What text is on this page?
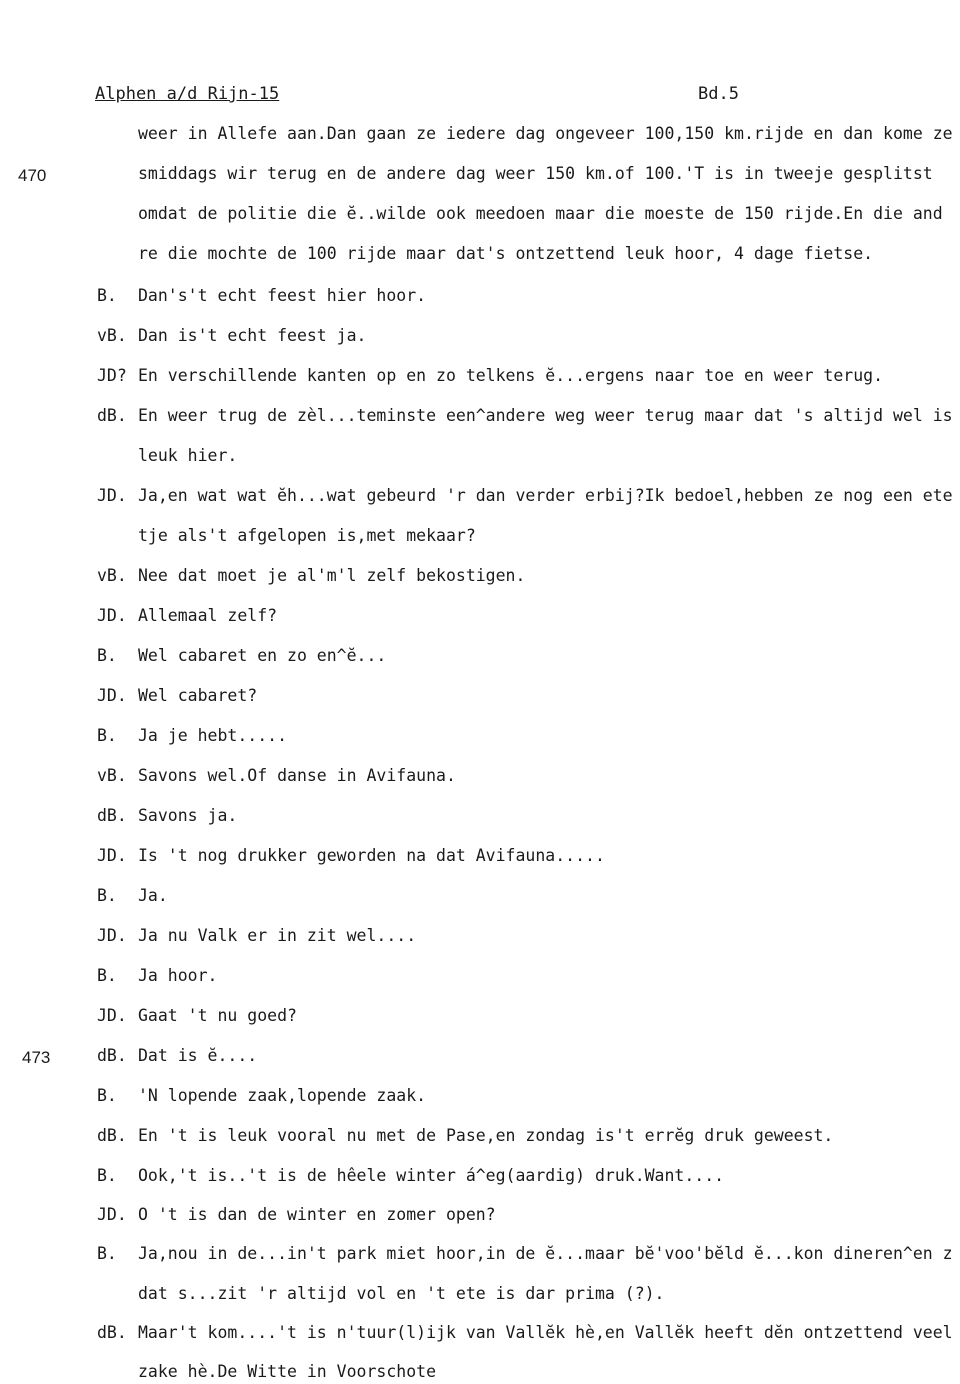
Alphen a/d Rijn-15	Bd.5
470
473
weer in Allefe aan.Dan gaan ze iedere dag ongeveer 100,150 km.rijde en dan kome ze
smiddags wir terug en de andere dag weer 150 km.of 100.'T is in tweeje gesplitst
omdat de politie die ĕ..wilde ook meedoen maar die moeste de 150 rijde.En die and
re die mochte de 100 rijde maar dat's ontzettend leuk hoor, 4 dage fietse.
B. Dan's't echt feest hier hoor.
vB. Dan is't echt feest ja.
JD? En verschillende kanten op en zo telkens ĕ...ergens naar toe en weer terug.
dB. En weer trug de zèl...teminste een^andere weg weer terug maar dat 's altijd wel is
leuk hier.
JD. Ja,en wat wat ĕh...wat gebeurd 'r dan verder erbij?Ik bedoel,hebben ze nog een ete
tje als't afgelopen is,met mekaar?
vB. Nee dat moet je al'm'l zelf bekostigen.
JD. Allemaal zelf?
B. Wel cabaret en zo en^ĕ...
JD. Wel cabaret?
B. Ja je hebt.....
vB. Savons wel.Of danse in Avifauna.
dB. Savons ja.
JD. Is 't nog drukker geworden na dat Avifauna.....
B. Ja.
JD. Ja nu Valk er in zit wel....
B. Ja hoor.
JD. Gaat 't nu goed?
dB. Dat is ĕ....
B. 'N lopende zaak,lopende zaak.
dB. En 't is leuk vooral nu met de Pase,en zondag is't errĕg druk geweest.
B. Ook,'t is..'t is de hêele winter á^eg(aardig) druk.Want....
JD. O 't is dan de winter en zomer open?
B. Ja,nou in de...in't park miet hoor,in de ĕ...maar bĕ'voo'bĕld ĕ...kon dineren^en z
dat s...zit 'r altijd vol en 't ete is dar prima (?).
dB. Maar't kom....'t is n'tuur(l)ijk van Vallĕk hè,en Vallĕk heeft dĕn ontzettend veel
zake hè.De Witte in Voorschote
